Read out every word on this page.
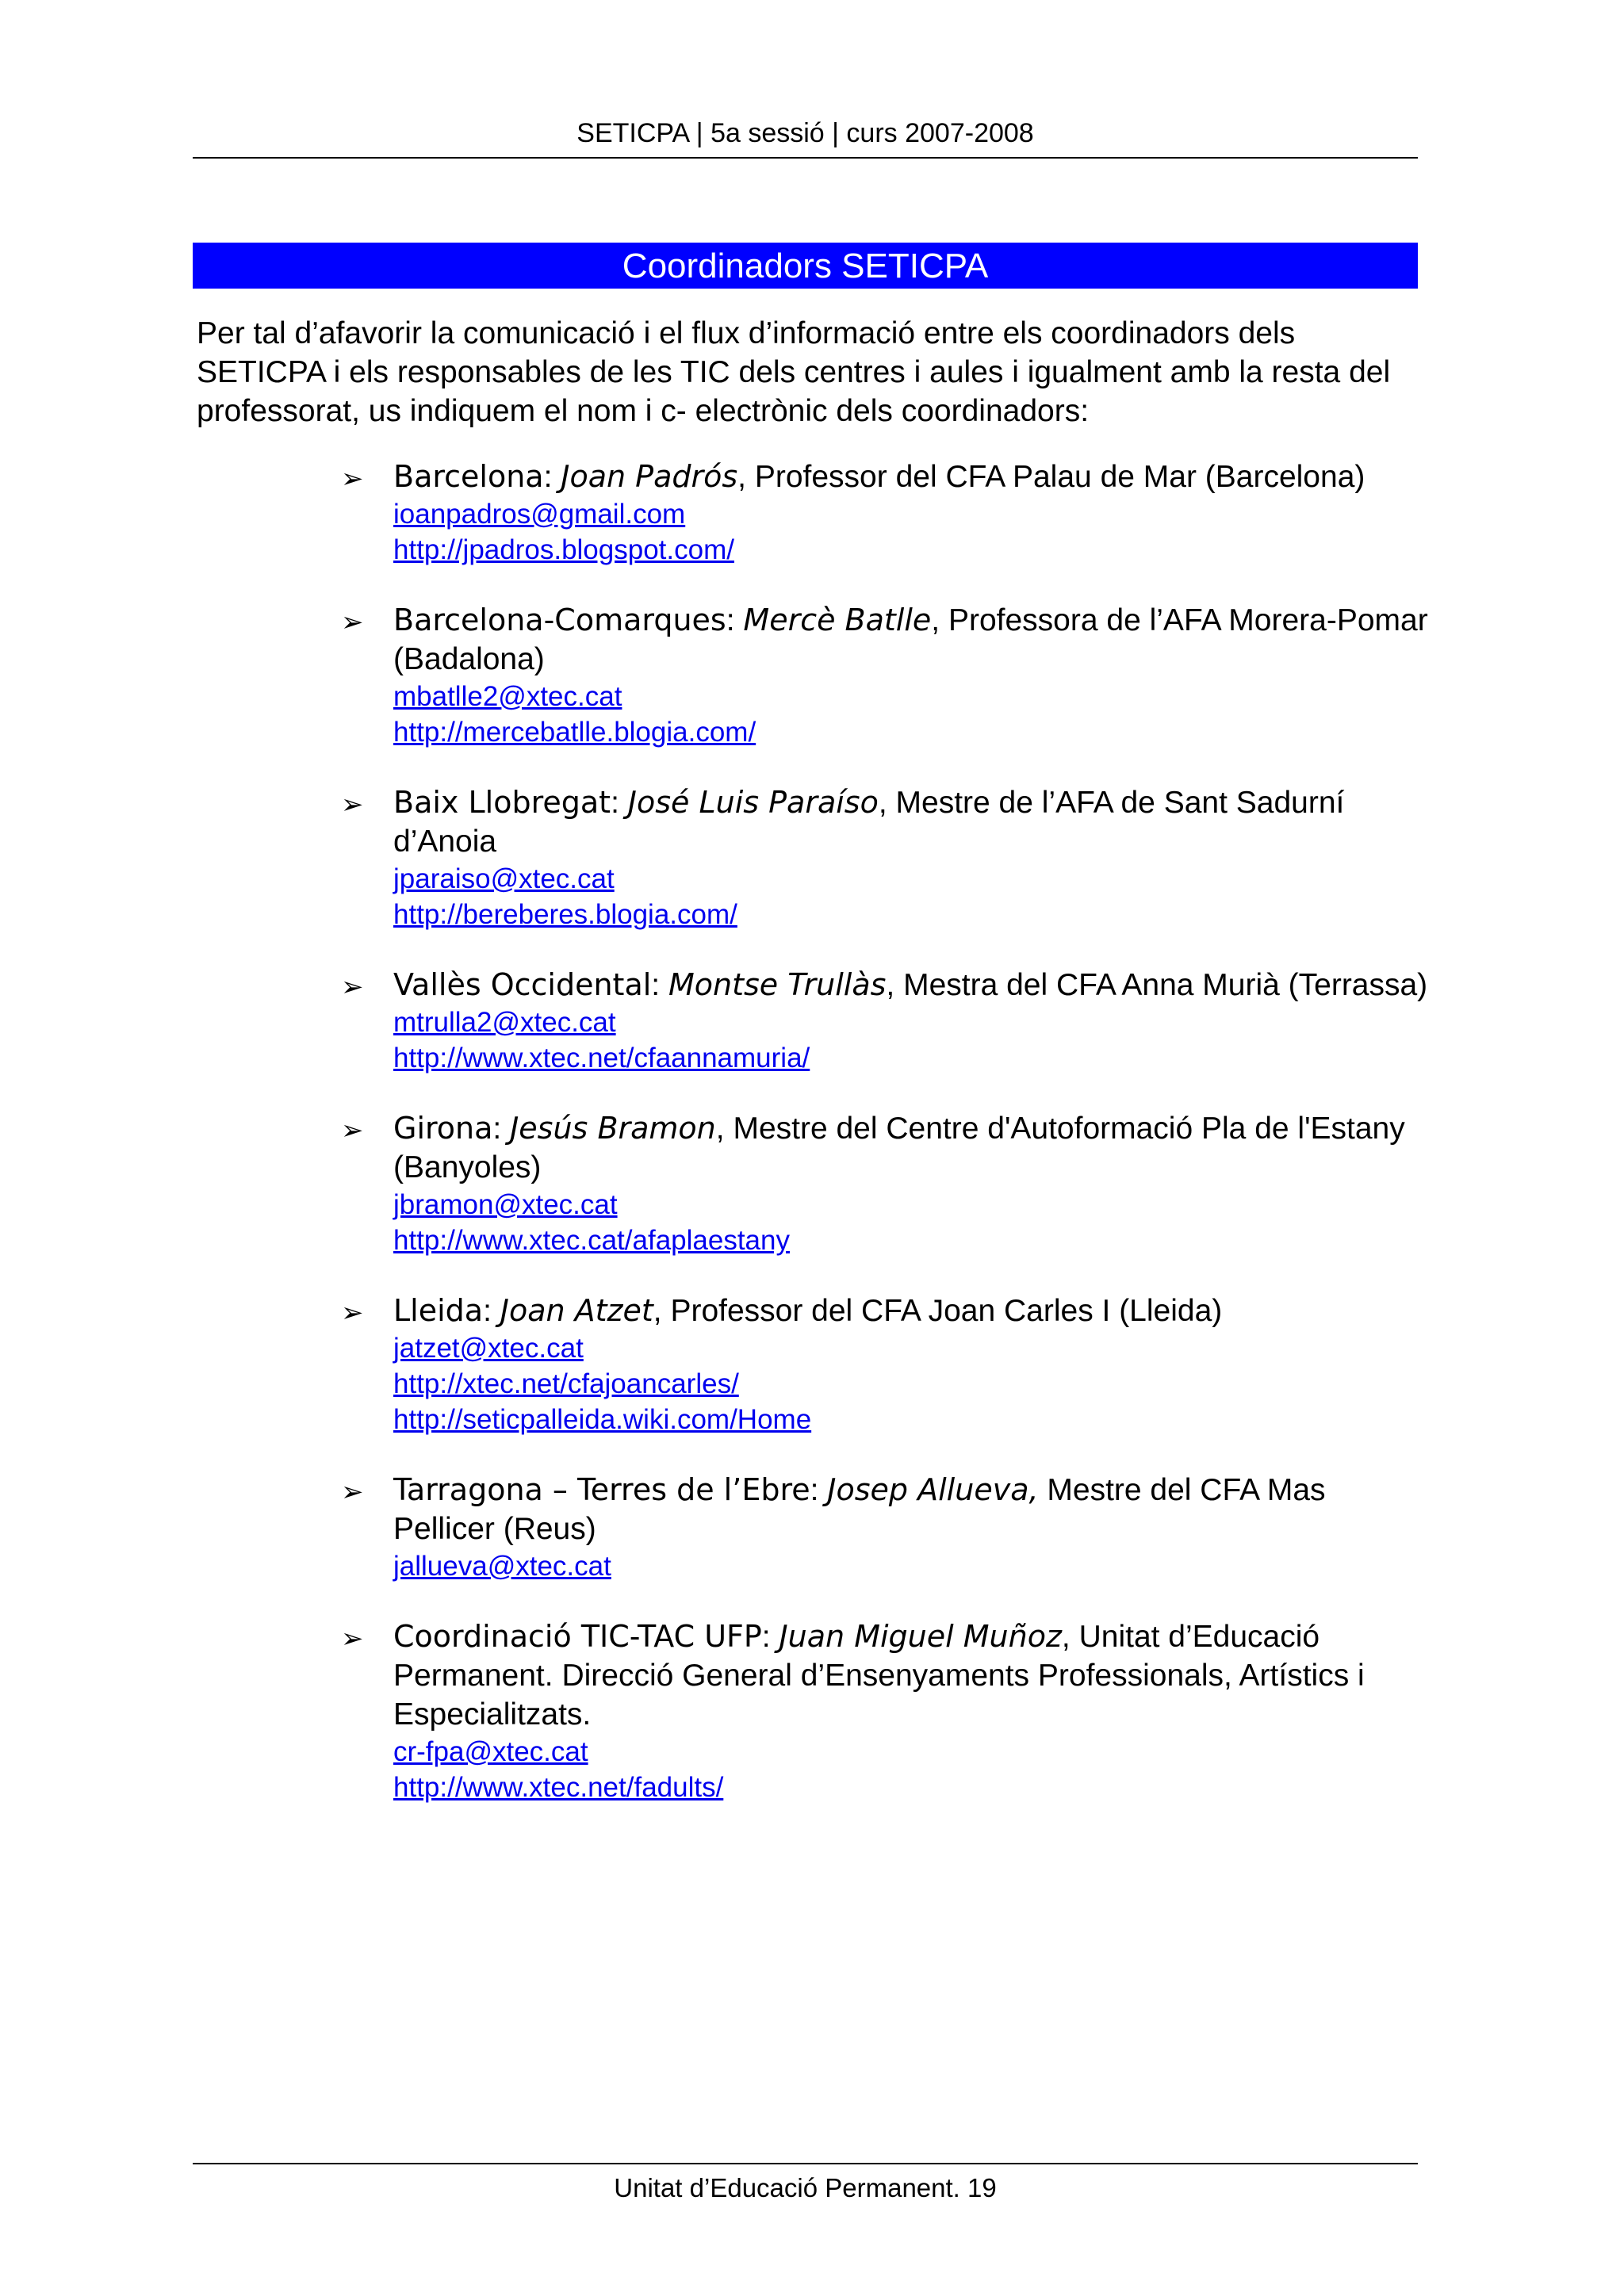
SETICPA | 5a sessió | curs 2007-2008
Coordinadors SETICPA

Per tal d’afavorir la comunicació i el flux d’informació entre els coordinadors dels SETICPA i els responsables de les TIC dels centres i aules i igualment amb la resta del professorat, us indiquem el nom i c- electrònic dels coordinadors:

➢ Barcelona: Joan Padrós, Professor del CFA Palau de Mar (Barcelona)
ioanpadros@gmail.com
http://jpadros.blogspot.com/
➢ Barcelona-Comarques: Mercè Batlle, Professora de l’AFA Morera-Pomar (Badalona)
mbatlle2@xtec.cat
http://mercebatlle.blogia.com/
➢ Baix Llobregat: José Luis Paraíso, Mestre de l’AFA de Sant Sadurní d’Anoia
jparaiso@xtec.cat
http://bereberes.blogia.com/
➢ Vallès Occidental: Montse Trullàs, Mestra del CFA Anna Murià (Terrassa)
mtrulla2@xtec.cat
http://www.xtec.net/cfaannamuria/
➢ Girona: Jesús Bramon, Mestre del Centre d'Autoformació Pla de l'Estany (Banyoles)
jbramon@xtec.cat
http://www.xtec.cat/afaplaestany
➢ Lleida: Joan Atzet, Professor del CFA Joan Carles I (Lleida)
jatzet@xtec.cat
http://xtec.net/cfajoancarles/
http://seticpalleida.wiki.com/Home
➢ Tarragona – Terres de l’Ebre: Josep Allueva, Mestre del CFA Mas Pellicer (Reus)
jallueva@xtec.cat
➢ Coordinació TIC-TAC UFP: Juan Miguel Muñoz, Unitat d’Educació Permanent. Direcció General d’Ensenyaments Professionals, Artístics i Especialitzats.
cr-fpa@xtec.cat
http://www.xtec.net/fadults/
Unitat d’Educació Permanent. 19
